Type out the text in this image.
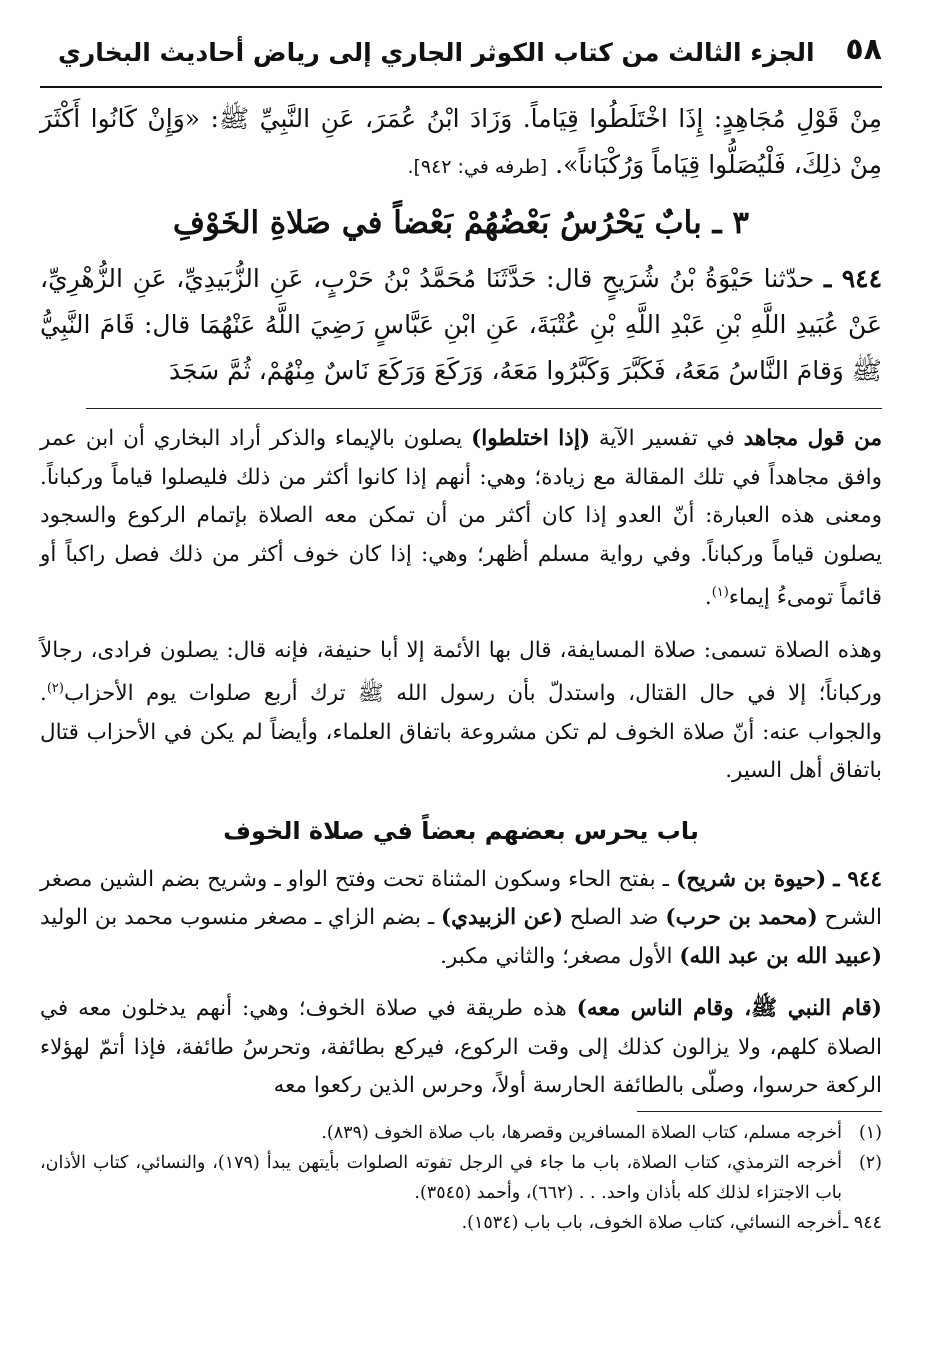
٥٨
الجزء الثالث من كتاب الكوثر الجاري إلى رياض أحاديث البخاري

مِنْ قَوْلِ مُجَاهِدٍ: إِذَا اخْتَلَطُوا قِيَاماً. وَزَادَ ابْنُ عُمَرَ، عَنِ النَّبِيِّ ﷺ: «وَإِنْ كَانُوا أَكْثَرَ مِنْ ذلِكَ، فَلْيُصَلُّوا قِيَاماً وَرُكْبَاناً». [طرفه في: ٩٤٢].

٣ ـ بابٌ يَحْرُسُ بَعْضُهُمْ بَعْضاً في صَلاةِ الخَوْفِ

٩٤٤ ـ حدّثنا حَيْوَةُ بْنُ شُرَيحٍ قال: حَدَّثَنَا مُحَمَّدُ بْنُ حَرْبٍ، عَنِ الزُّبَيدِيِّ، عَنِ الزُّهْرِيِّ، عَنْ عُبَيدِ اللَّهِ بْنِ عَبْدِ اللَّهِ بْنِ عُتْبَةَ، عَنِ ابْنِ عَبَّاسٍ رَضِيَ اللَّهُ عَنْهُمَا قال: قَامَ النَّبِيُّ ﷺ وَقامَ النَّاسُ مَعَهُ، فَكَبَّرَ وَكَبَّرُوا مَعَهُ، وَرَكَعَ وَرَكَعَ نَاسٌ مِنْهُمْ، ثُمَّ سَجَدَ

من قول مجاهد في تفسير الآية (إذا اختلطوا) يصلون بالإيماء والذكر أراد البخاري أن ابن عمر وافق مجاهداً في تلك المقالة مع زيادة؛ وهي: أنهم إذا كانوا أكثر من ذلك فليصلوا قياماً وركباناً. ومعنى هذه العبارة: أنّ العدو إذا كان أكثر من أن تمكن معه الصلاة بإتمام الركوع والسجود يصلون قياماً وركباناً. وفي رواية مسلم أظهر؛ وهي: إذا كان خوف أكثر من ذلك فصل راكباً أو قائماً تومىءُ إيماء$^{(١)}$.

وهذه الصلاة تسمى: صلاة المسايفة، قال بها الأئمة إلا أبا حنيفة، فإنه قال: يصلون فرادى، رجالاً وركباناً؛ إلا في حال القتال، واستدلّ بأن رسول الله ﷺ ترك أربع صلوات يوم الأحزاب$^{(٢)}$. والجواب عنه: أنّ صلاة الخوف لم تكن مشروعة باتفاق العلماء، وأيضاً لم يكن في الأحزاب قتال باتفاق أهل السير.

باب يحرس بعضهم بعضاً في صلاة الخوف

٩٤٤ ـ (حيوة بن شريح) ـ بفتح الحاء وسكون المثناة تحت وفتح الواو ـ وشريح بضم الشين مصغر الشرح (محمد بن حرب) ضد الصلح (عن الزبيدي) ـ بضم الزاي ـ مصغر منسوب محمد بن الوليد (عبيد الله بن عبد الله) الأول مصغر؛ والثاني مكبر.

(قام النبي ﷺ، وقام الناس معه) هذه طريقة في صلاة الخوف؛ وهي: أنهم يدخلون معه في الصلاة كلهم، ولا يزالون كذلك إلى وقت الركوع، فيركع بطائفة، وتحرسُ طائفة، فإذا أتمّ لهؤلاء الركعة حرسوا، وصلّى بالطائفة الحارسة أولاً، وحرس الذين ركعوا معه

(١)
أخرجه مسلم، كتاب الصلاة المسافرين وقصرها، باب صلاة الخوف (٨٣٩).
(٢)
أخرجه الترمذي، كتاب الصلاة، باب ما جاء في الرجل تفوته الصلوات بأيتهن يبدأ (١٧٩)، والنسائي، كتاب الأذان، باب الاجتزاء لذلك كله بأذان واحد. . . (٦٦٢)، وأحمد (٣٥٤٥).
٩٤٤ ـ
أخرجه النسائي، كتاب صلاة الخوف، باب باب (١٥٣٤).
